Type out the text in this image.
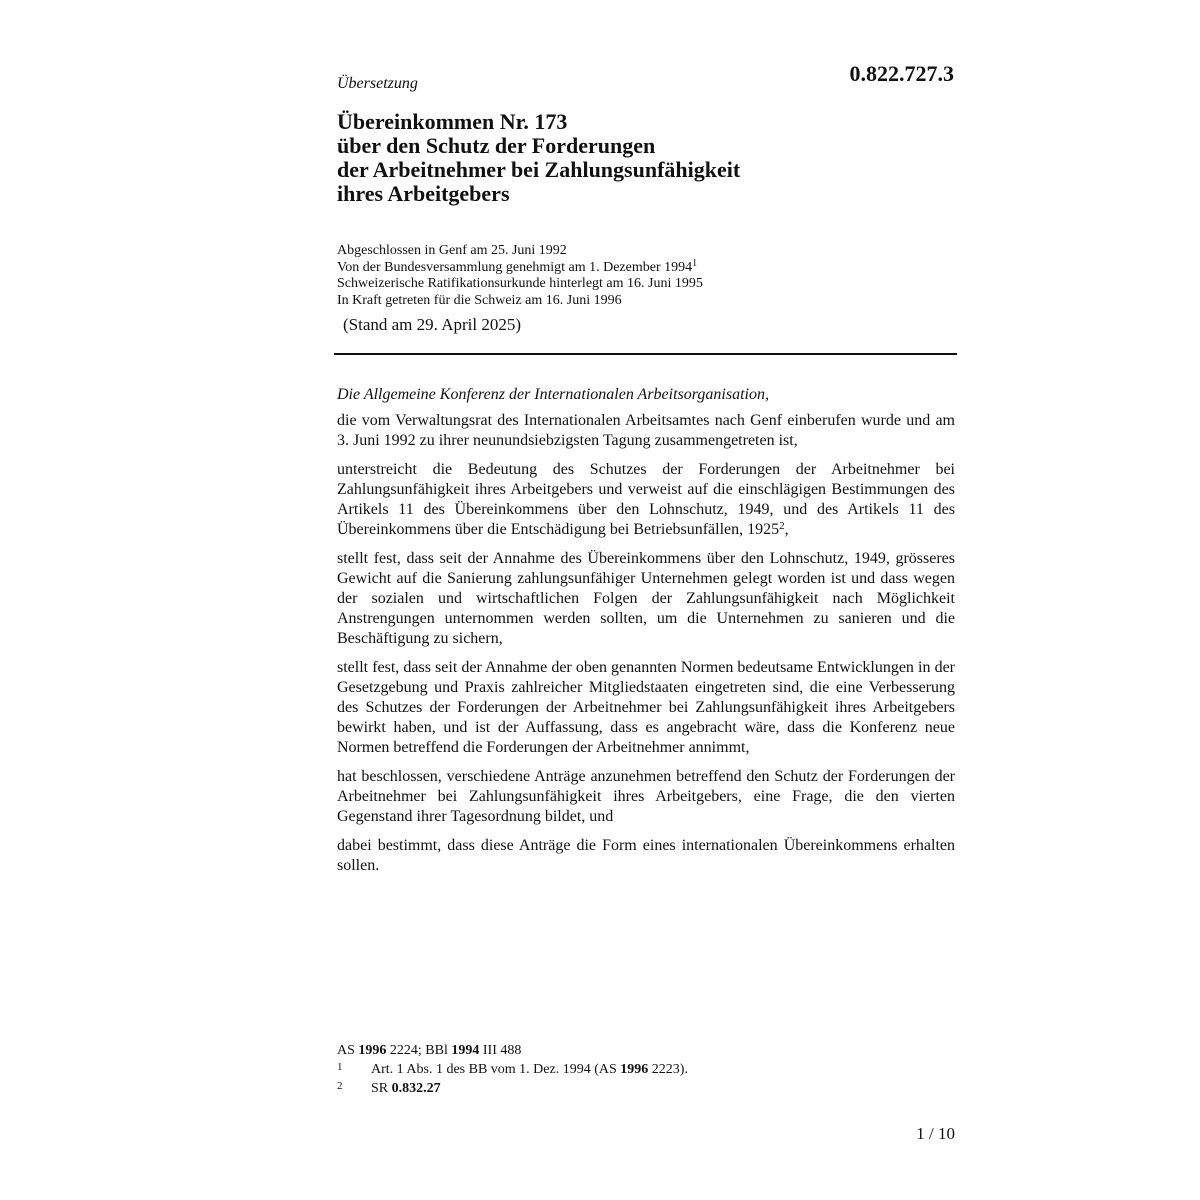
Übersetzung	0.822.727.3
Übereinkommen Nr. 173
über den Schutz der Forderungen
der Arbeitnehmer bei Zahlungsunfähigkeit
ihres Arbeitgebers
Abgeschlossen in Genf am 25. Juni 1992
Von der Bundesversammlung genehmigt am 1. Dezember 1994$^1$
Schweizerische Ratifikationsurkunde hinterlegt am 16. Juni 1995
In Kraft getreten für die Schweiz am 16. Juni 1996
(Stand am 29. April 2025)

Die Allgemeine Konferenz der Internationalen Arbeitsorganisation,

die vom Verwaltungsrat des Internationalen Arbeitsamtes nach Genf einberufen wurde und am 3. Juni 1992 zu ihrer neunundsiebzigsten Tagung zusammengetreten ist,

unterstreicht die Bedeutung des Schutzes der Forderungen der Arbeitnehmer bei Zahlungsunfähigkeit ihres Arbeitgebers und verweist auf die einschlägigen Bestimmungen des Artikels 11 des Übereinkommens über den Lohnschutz, 1949, und des Artikels 11 des Übereinkommens über die Entschädigung bei Betriebsunfällen, 1925$^2$,

stellt fest, dass seit der Annahme des Übereinkommens über den Lohnschutz, 1949, grösseres Gewicht auf die Sanierung zahlungsunfähiger Unternehmen gelegt worden ist und dass wegen der sozialen und wirtschaftlichen Folgen der Zahlungsunfähigkeit nach Möglichkeit Anstrengungen unternommen werden sollten, um die Unternehmen zu sanieren und die Beschäftigung zu sichern,

stellt fest, dass seit der Annahme der oben genannten Normen bedeutsame Entwicklungen in der Gesetzgebung und Praxis zahlreicher Mitgliedstaaten eingetreten sind, die eine Verbesserung des Schutzes der Forderungen der Arbeitnehmer bei Zahlungsunfähigkeit ihres Arbeitgebers bewirkt haben, und ist der Auffassung, dass es angebracht wäre, dass die Konferenz neue Normen betreffend die Forderungen der Arbeitnehmer annimmt,

hat beschlossen, verschiedene Anträge anzunehmen betreffend den Schutz der Forderungen der Arbeitnehmer bei Zahlungsunfähigkeit ihres Arbeitgebers, eine Frage, die den vierten Gegenstand ihrer Tagesordnung bildet, und

dabei bestimmt, dass diese Anträge die Form eines internationalen Übereinkommens erhalten sollen.

AS 1996 2224; BBl 1994 III 488
1 Art. 1 Abs. 1 des BB vom 1. Dez. 1994 (AS 1996 2223).
2 SR 0.832.27
1 / 10
